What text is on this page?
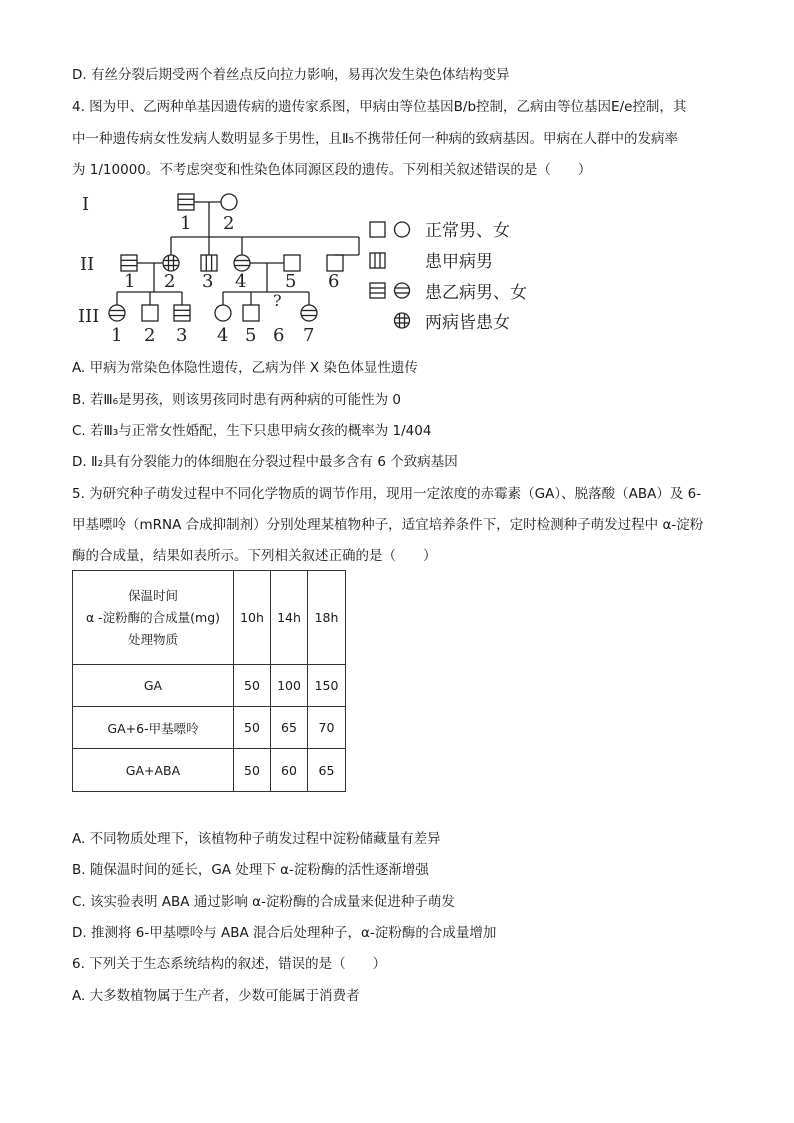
D. 有丝分裂后期受两个着丝点反向拉力影响，易再次发生染色体结构变异
4. 图为甲、乙两种单基因遗传病的遗传家系图，甲病由等位基因B/b控制，乙病由等位基因E/e控制，其
中一种遗传病女性发病人数明显多于男性，且Ⅱ₅不携带任何一种病的致病基因。甲病在人群中的发病率
为 1/10000。不考虑突变和性染色体同源区段的遗传。下列相关叙述错误的是（　　）
I
II
III
1 2
1 2 3 4 5 6
?
1 2 3 4 5 6 7
正常男、女
患甲病男
患乙病男、女
两病皆患女
A. 甲病为常染色体隐性遗传，乙病为伴 X 染色体显性遗传
B. 若Ⅲ₆是男孩，则该男孩同时患有两种病的可能性为 0
C. 若Ⅲ₃与正常女性婚配，生下只患甲病女孩的概率为 1/404
D. Ⅱ₂具有分裂能力的体细胞在分裂过程中最多含有 6 个致病基因
5. 为研究种子萌发过程中不同化学物质的调节作用，现用一定浓度的赤霉素（GA）、脱落酸（ABA）及 6-
甲基嘌呤（mRNA 合成抑制剂）分别处理某植物种子，适宜培养条件下，定时检测种子萌发过程中 α-淀粉
酶的合成量，结果如表所示。下列相关叙述正确的是（　　）
保温时间
α -淀粉酶的合成量(mg)
处理物质	10h	14h	18h
GA	50	100	150
GA+6-甲基嘌呤	50	65	70
GA+ABA	50	60	65
A. 不同物质处理下，该植物种子萌发过程中淀粉储藏量有差异
B. 随保温时间的延长，GA 处理下 α-淀粉酶的活性逐渐增强
C. 该实验表明 ABA 通过影响 α-淀粉酶的合成量来促进种子萌发
D. 推测将 6-甲基嘌呤与 ABA 混合后处理种子，α-淀粉酶的合成量增加
6. 下列关于生态系统结构的叙述，错误的是（　　）
A. 大多数植物属于生产者，少数可能属于消费者
